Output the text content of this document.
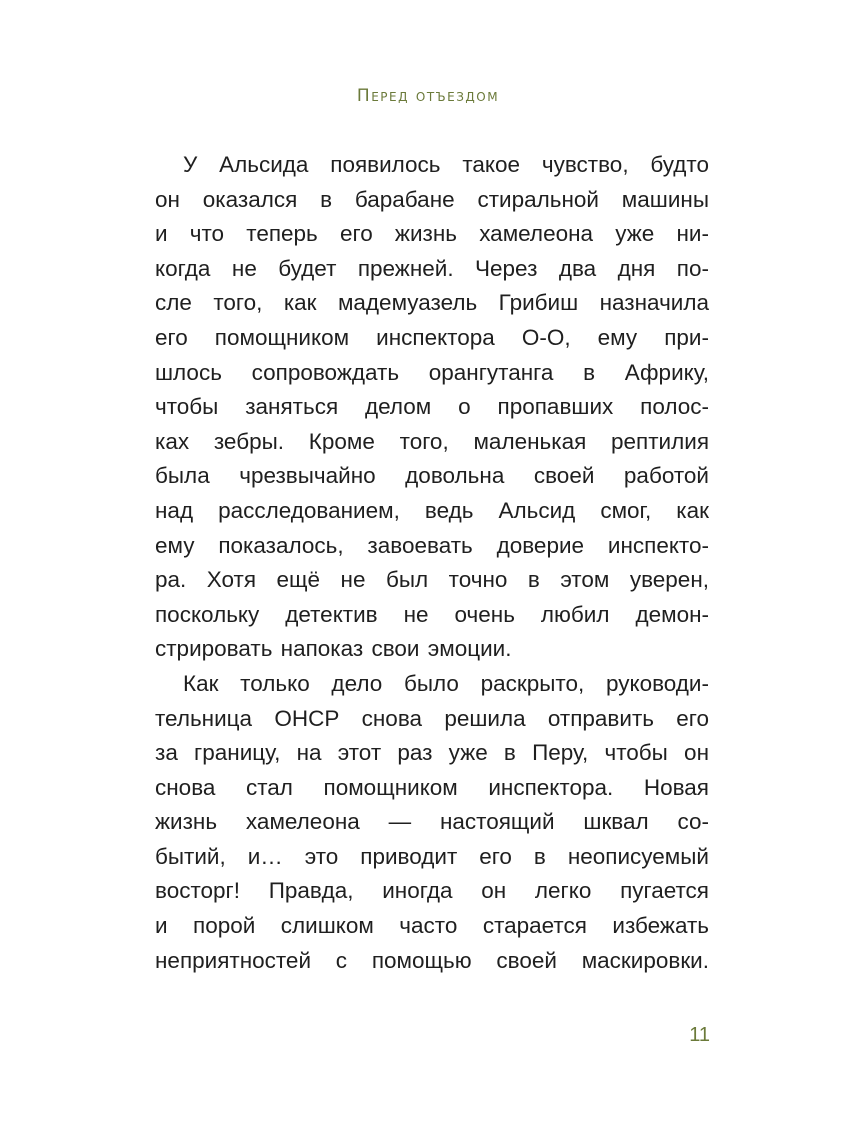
Перед отъездом
У Альсида появилось такое чувство, будто
он оказался в барабане стиральной машины
и что теперь его жизнь хамелеона уже ни-
когда не будет прежней. Через два дня по-
сле того, как мадемуазель Грибиш назначила
его помощником инспектора О-О, ему при-
шлось сопровождать орангутанга в Африку,
чтобы заняться делом о пропавших полос-
ках зебры. Кроме того, маленькая рептилия
была чрезвычайно довольна своей работой
над расследованием, ведь Альсид смог, как
ему показалось, завоевать доверие инспекто-
ра. Хотя ещё не был точно в этом уверен,
поскольку детектив не очень любил демон-
стрировать напоказ свои эмоции.
Как только дело было раскрыто, руководи-
тельница ОНСР снова решила отправить его
за границу, на этот раз уже в Перу, чтобы он
снова стал помощником инспектора. Новая
жизнь хамелеона — настоящий шквал со-
бытий, и… это приводит его в неописуемый
восторг! Правда, иногда он легко пугается
и порой слишком часто старается избежать
неприятностей с помощью своей маскировки.
11
